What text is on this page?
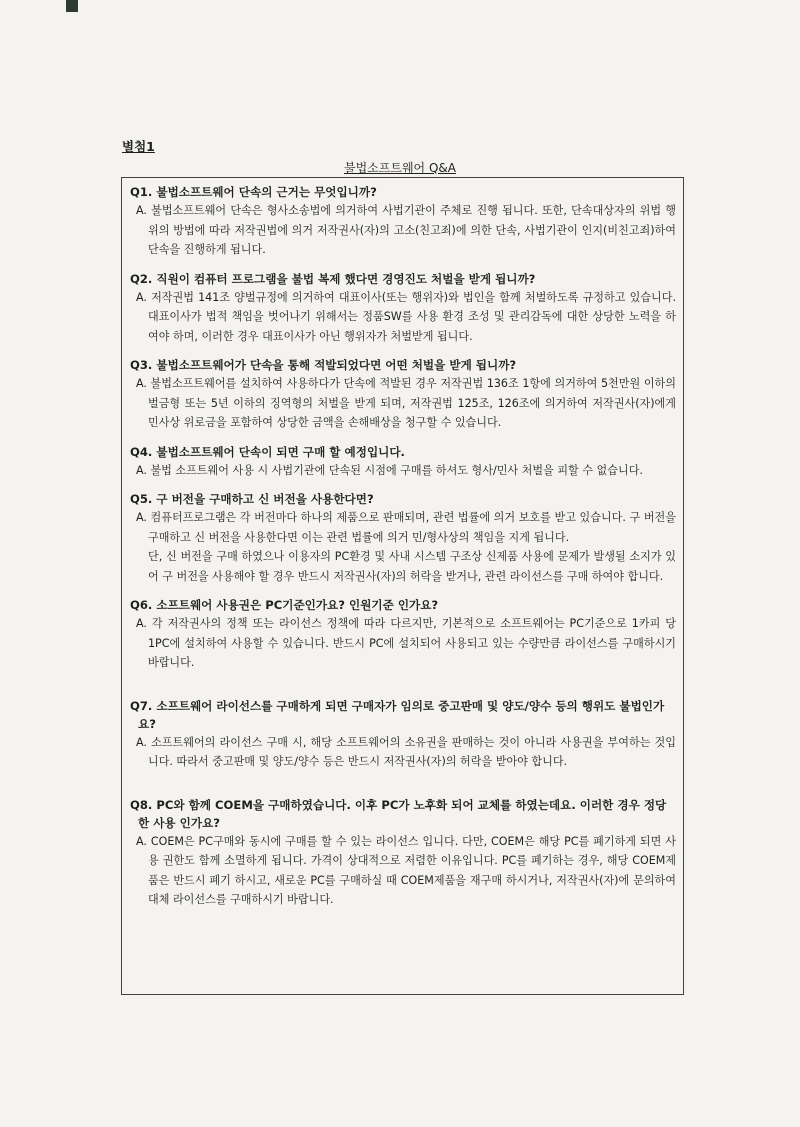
별첨1
불법소프트웨어 Q&A
Q1. 불법소프트웨어 단속의 근거는 무엇입니까?
A. 불법소프트웨어 단속은 형사소송법에 의거하여 사법기관이 주체로 진행 됩니다. 또한, 단속대상자의 위법 행위의 방법에 따라 저작권법에 의거 저작권사(자)의 고소(친고죄)에 의한 단속, 사법기관이 인지(비친고죄)하여 단속을 진행하게 됩니다.
Q2. 직원이 컴퓨터 프로그램을 불법 복제 했다면 경영진도 처벌을 받게 됩니까?
A. 저작권법 141조 양벌규정에 의거하여 대표이사(또는 행위자)와 법인을 함께 처벌하도록 규정하고 있습니다. 대표이사가 법적 책임을 벗어나기 위해서는 정품SW를 사용 환경 조성 및 관리감독에 대한 상당한 노력을 하여야 하며, 이러한 경우 대표이사가 아닌 행위자가 처벌받게 됩니다.
Q3. 불법소프트웨어가 단속을 통해 적발되었다면 어떤 처벌을 받게 됩니까?
A. 불법소프트웨어를 설치하여 사용하다가 단속에 적발된 경우 저작권법 136조 1항에 의거하여 5천만원 이하의 벌금형 또는 5년 이하의 징역형의 처벌을 받게 되며, 저작권법 125조, 126조에 의거하여 저작권사(자)에게 민사상 위로금을 포함하여 상당한 금액을 손해배상을 청구할 수 있습니다.
Q4. 불법소프트웨어 단속이 되면 구매 할 예정입니다.
A. 불법 소프트웨어 사용 시 사법기관에 단속된 시점에 구매를 하셔도 형사/민사 처벌을 피할 수 없습니다.
Q5. 구 버전을 구매하고 신 버전을 사용한다면?
A. 컴퓨터프로그램은 각 버전마다 하나의 제품으로 판매되며, 관련 법률에 의거 보호를 받고 있습니다. 구 버전을 구매하고 신 버전을 사용한다면 이는 관련 법률에 의거 민/형사상의 책임을 지게 됩니다.
단, 신 버전을 구매 하였으나 이용자의 PC환경 및 사내 시스템 구조상 신제품 사용에 문제가 발생될 소지가 있어 구 버전을 사용해야 할 경우 반드시 저작권사(자)의 허락을 받거나, 관련 라이선스를 구매 하여야 합니다.
Q6. 소프트웨어 사용권은 PC기준인가요? 인원기준 인가요?
A. 각 저작권사의 정책 또는 라이선스 정책에 따라 다르지만, 기본적으로 소프트웨어는 PC기준으로 1카피 당 1PC에 설치하여 사용할 수 있습니다. 반드시 PC에 설치되어 사용되고 있는 수량만큼 라이선스를 구매하시기 바랍니다.
Q7. 소프트웨어 라이선스를 구매하게 되면 구매자가 임의로 중고판매 및 양도/양수 등의 행위도 불법인가요?
A. 소프트웨어의 라이선스 구매 시, 해당 소프트웨어의 소유권을 판매하는 것이 아니라 사용권을 부여하는 것입니다. 따라서 중고판매 및 양도/양수 등은 반드시 저작권사(자)의 허락을 받아야 합니다.
Q8. PC와 함께 COEM을 구매하였습니다. 이후 PC가 노후화 되어 교체를 하였는데요. 이러한 경우 정당한 사용 인가요?
A. COEM은 PC구매와 동시에 구매를 할 수 있는 라이선스 입니다. 다만, COEM은 해당 PC를 폐기하게 되면 사용 권한도 함께 소멸하게 됩니다. 가격이 상대적으로 저렴한 이유입니다. PC를 폐기하는 경우, 해당 COEM제품은 반드시 폐기 하시고, 새로운 PC를 구매하실 때 COEM제품을 재구매 하시거나, 저작권사(자)에 문의하여 대체 라이선스를 구매하시기 바랍니다.
